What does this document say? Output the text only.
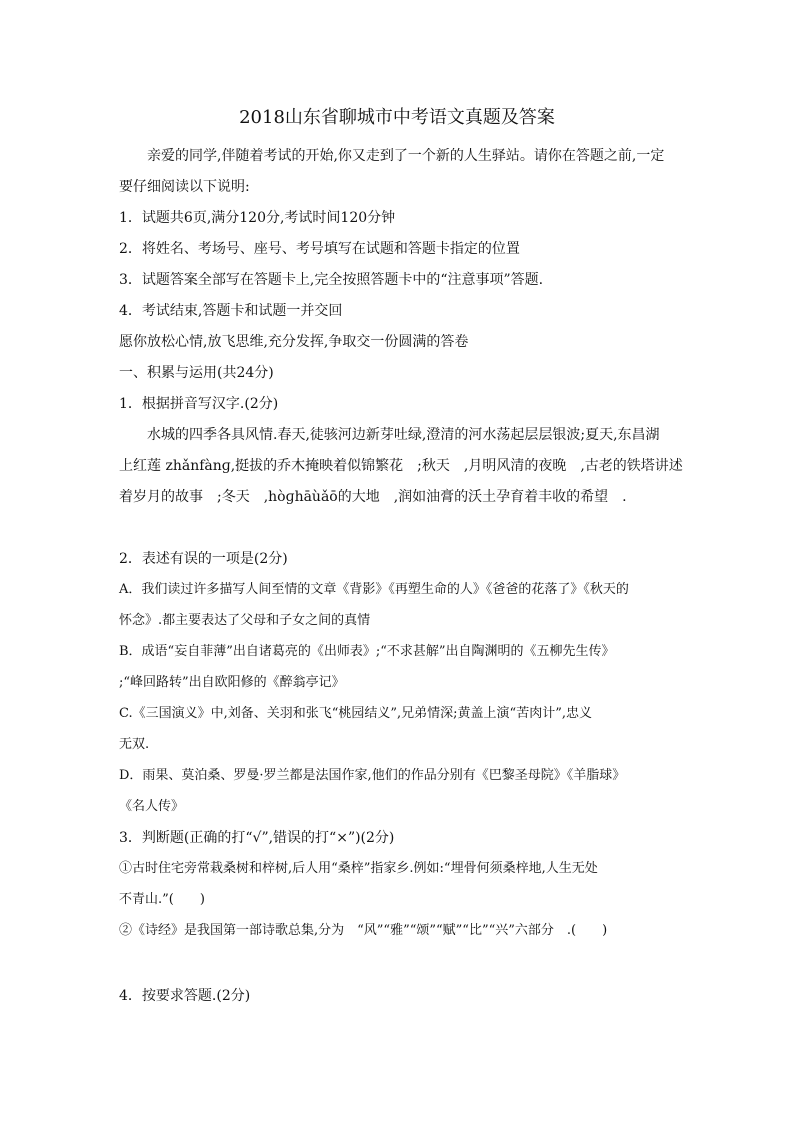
2018山东省聊城市中考语文真题及答案
亲爱的同学,伴随着考试的开始,你又走到了一个新的人生驿站。请你在答题之前,一定
要仔细阅读以下说明:
1．试题共6页,满分120分,考试时间120分钟
2．将姓名、考场号、座号、考号填写在试题和答题卡指定的位置
3．试题答案全部写在答题卡上,完全按照答题卡中的“注意事项”答题.
4．考试结束,答题卡和试题一并交回
愿你放松心情,放飞思维,充分发挥,争取交一份圆满的答卷
一、积累与运用(共24分)
1．根据拼音写汉字.(2分)
水城的四季各具风情.春天,徒骇河边新芽吐绿,澄清的河水荡起层层银波;夏天,东昌湖
上红莲 zhǎnfànɡ,挺拔的乔木掩映着似锦繁花　;秋天　,月明风清的夜晚　,古老的铁塔讲述
着岁月的故事　;冬天　,hòɡhāùǎō的大地　,润如油膏的沃土孕育着丰收的希望　.
2．表述有误的一项是(2分)
A．我们读过许多描写人间至情的文章《背影》《再塑生命的人》《爸爸的花落了》《秋天的
怀念》.都主要表达了父母和子女之间的真情
B．成语“妄自菲薄”出自诸葛亮的《出师表》;“不求甚解”出自陶渊明的《五柳先生传》
;“峰回路转”出自欧阳修的《醉翁亭记》
C.《三国演义》中,刘备、关羽和张飞“桃园结义”,兄弟情深;黄盖上演“苦肉计”,忠义
无双.
D．雨果、莫泊桑、罗曼·罗兰都是法国作家,他们的作品分别有《巴黎圣母院》《羊脂球》
《名人传》
3．判断题(正确的打“√”,错误的打“×”)(2分)
①古时住宅旁常栽桑树和梓树,后人用“桑梓”指家乡.例如:“埋骨何须桑梓地,人生无处
不青山.”(　　)
②《诗经》是我国第一部诗歌总集,分为　“风”“雅”“颂”“赋”“比”“兴”六部分　.(　　)
4．按要求答题.(2分)
